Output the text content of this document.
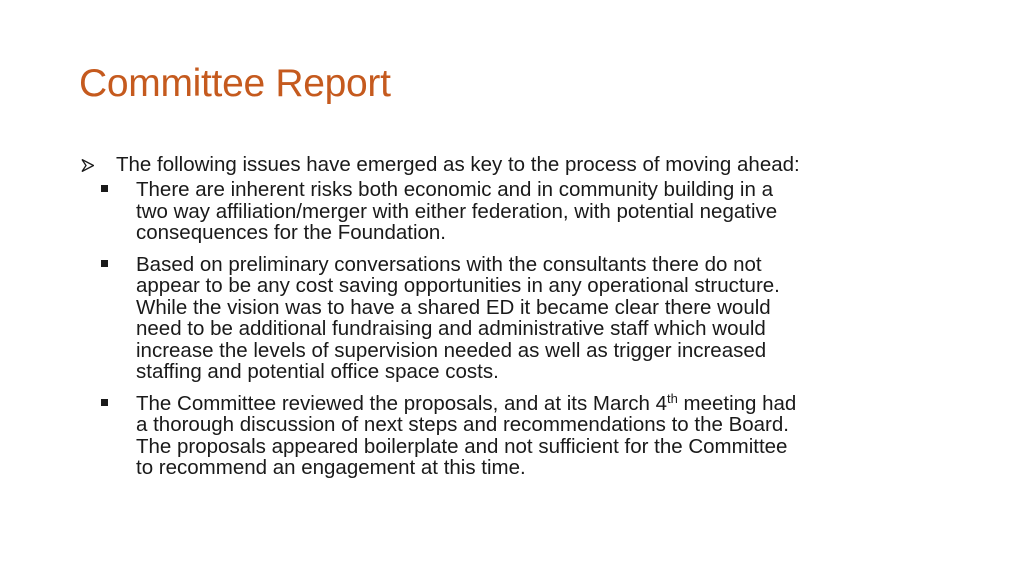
Committee Report
The following issues have emerged as key to the process of moving ahead:
There are inherent risks both economic and in community building in a
two way affiliation/merger with either federation, with potential negative
consequences for the Foundation.
Based on preliminary conversations with the consultants there do not
appear to be any cost saving opportunities in any operational structure.
While the vision was to have a shared ED it became clear there would
need to be additional fundraising and administrative staff which would
increase the levels of supervision needed as well as trigger increased
staffing and potential office space costs.
The Committee reviewed the proposals, and at its March 4th meeting had
a thorough discussion of next steps and recommendations to the Board.
The proposals appeared boilerplate and not sufficient for the Committee
to recommend an engagement at this time.
